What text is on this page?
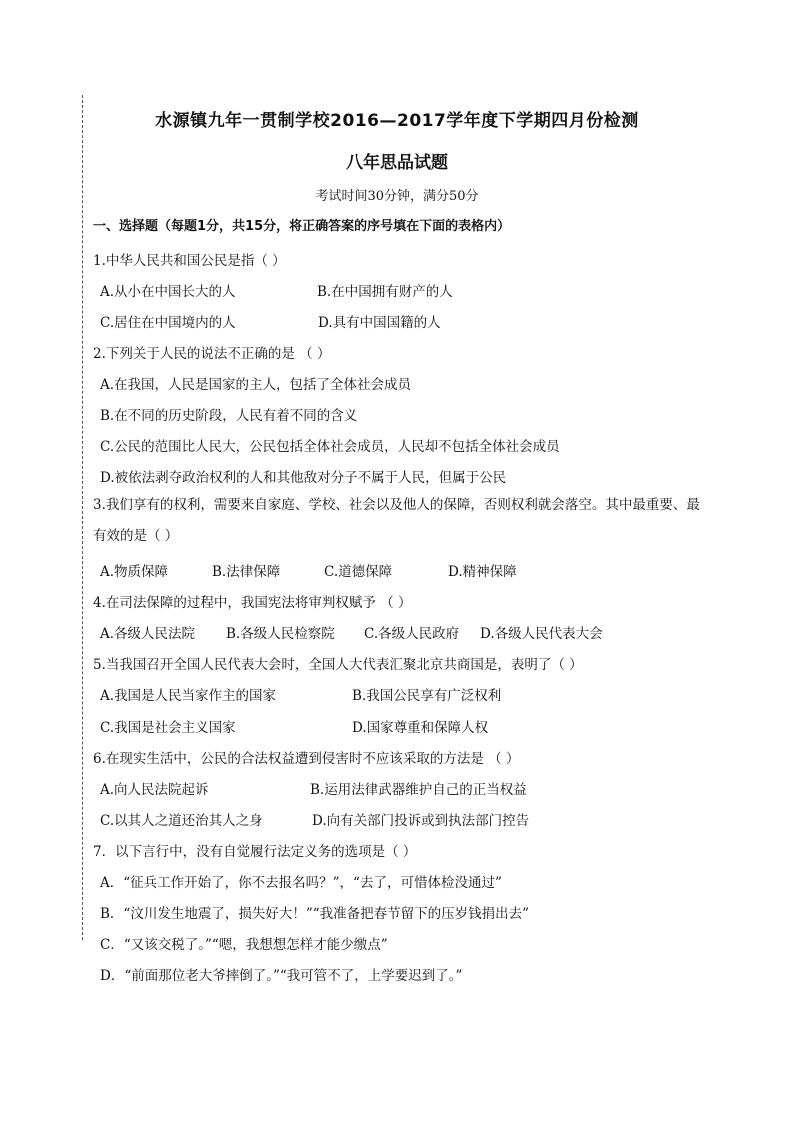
水源镇九年一贯制学校2016—2017学年度下学期四月份检测
八年思品试题
考试时间30分钟，满分50分
一、选择题（每题1分，共15分，将正确答案的序号填在下面的表格内）
1.中华人民共和国公民是指（ ）
A.从小在中国长大的人	B.在中国拥有财产的人
C.居住在中国境内的人	D.具有中国国籍的人
2.下列关于人民的说法不正确的是 （ ）
A.在我国，人民是国家的主人，包括了全体社会成员
B.在不同的历史阶段，人民有着不同的含义
C.公民的范围比人民大，公民包括全体社会成员，人民却不包括全体社会成员
D.被依法剥夺政治权利的人和其他敌对分子不属于人民，但属于公民
3.我们享有的权利，需要来自家庭、学校、社会以及他人的保障，否则权利就会落空。其中最重要、最有效的是（ ）
A.物质保障	B.法律保障	C.道德保障	D.精神保障
4.在司法保障的过程中，我国宪法将审判权赋予 （ ）
A.各级人民法院 B.各级人民检察院 C.各级人民政府 D.各级人民代表大会
5.当我国召开全国人民代表大会时，全国人大代表汇聚北京共商国是，表明了（ ）
A.我国是人民当家作主的国家	B.我国公民享有广泛权利
C.我国是社会主义国家	D.国家尊重和保障人权
6.在现实生活中，公民的合法权益遭到侵害时不应该采取的方法是 （ ）
A.向人民法院起诉	B.运用法律武器维护自己的正当权益
C.以其人之道还治其人之身	D.向有关部门投诉或到执法部门控告
7．以下言行中，没有自觉履行法定义务的选项是（ ）
A．“征兵工作开始了，你不去报名吗？”，“去了，可惜体检没通过”
B．“汶川发生地震了，损失好大！”“我准备把春节留下的压岁钱捐出去”
C．“又该交税了。”“嗯，我想想怎样才能少缴点”
D．“前面那位老大爷摔倒了。”“我可管不了，上学要迟到了。”
